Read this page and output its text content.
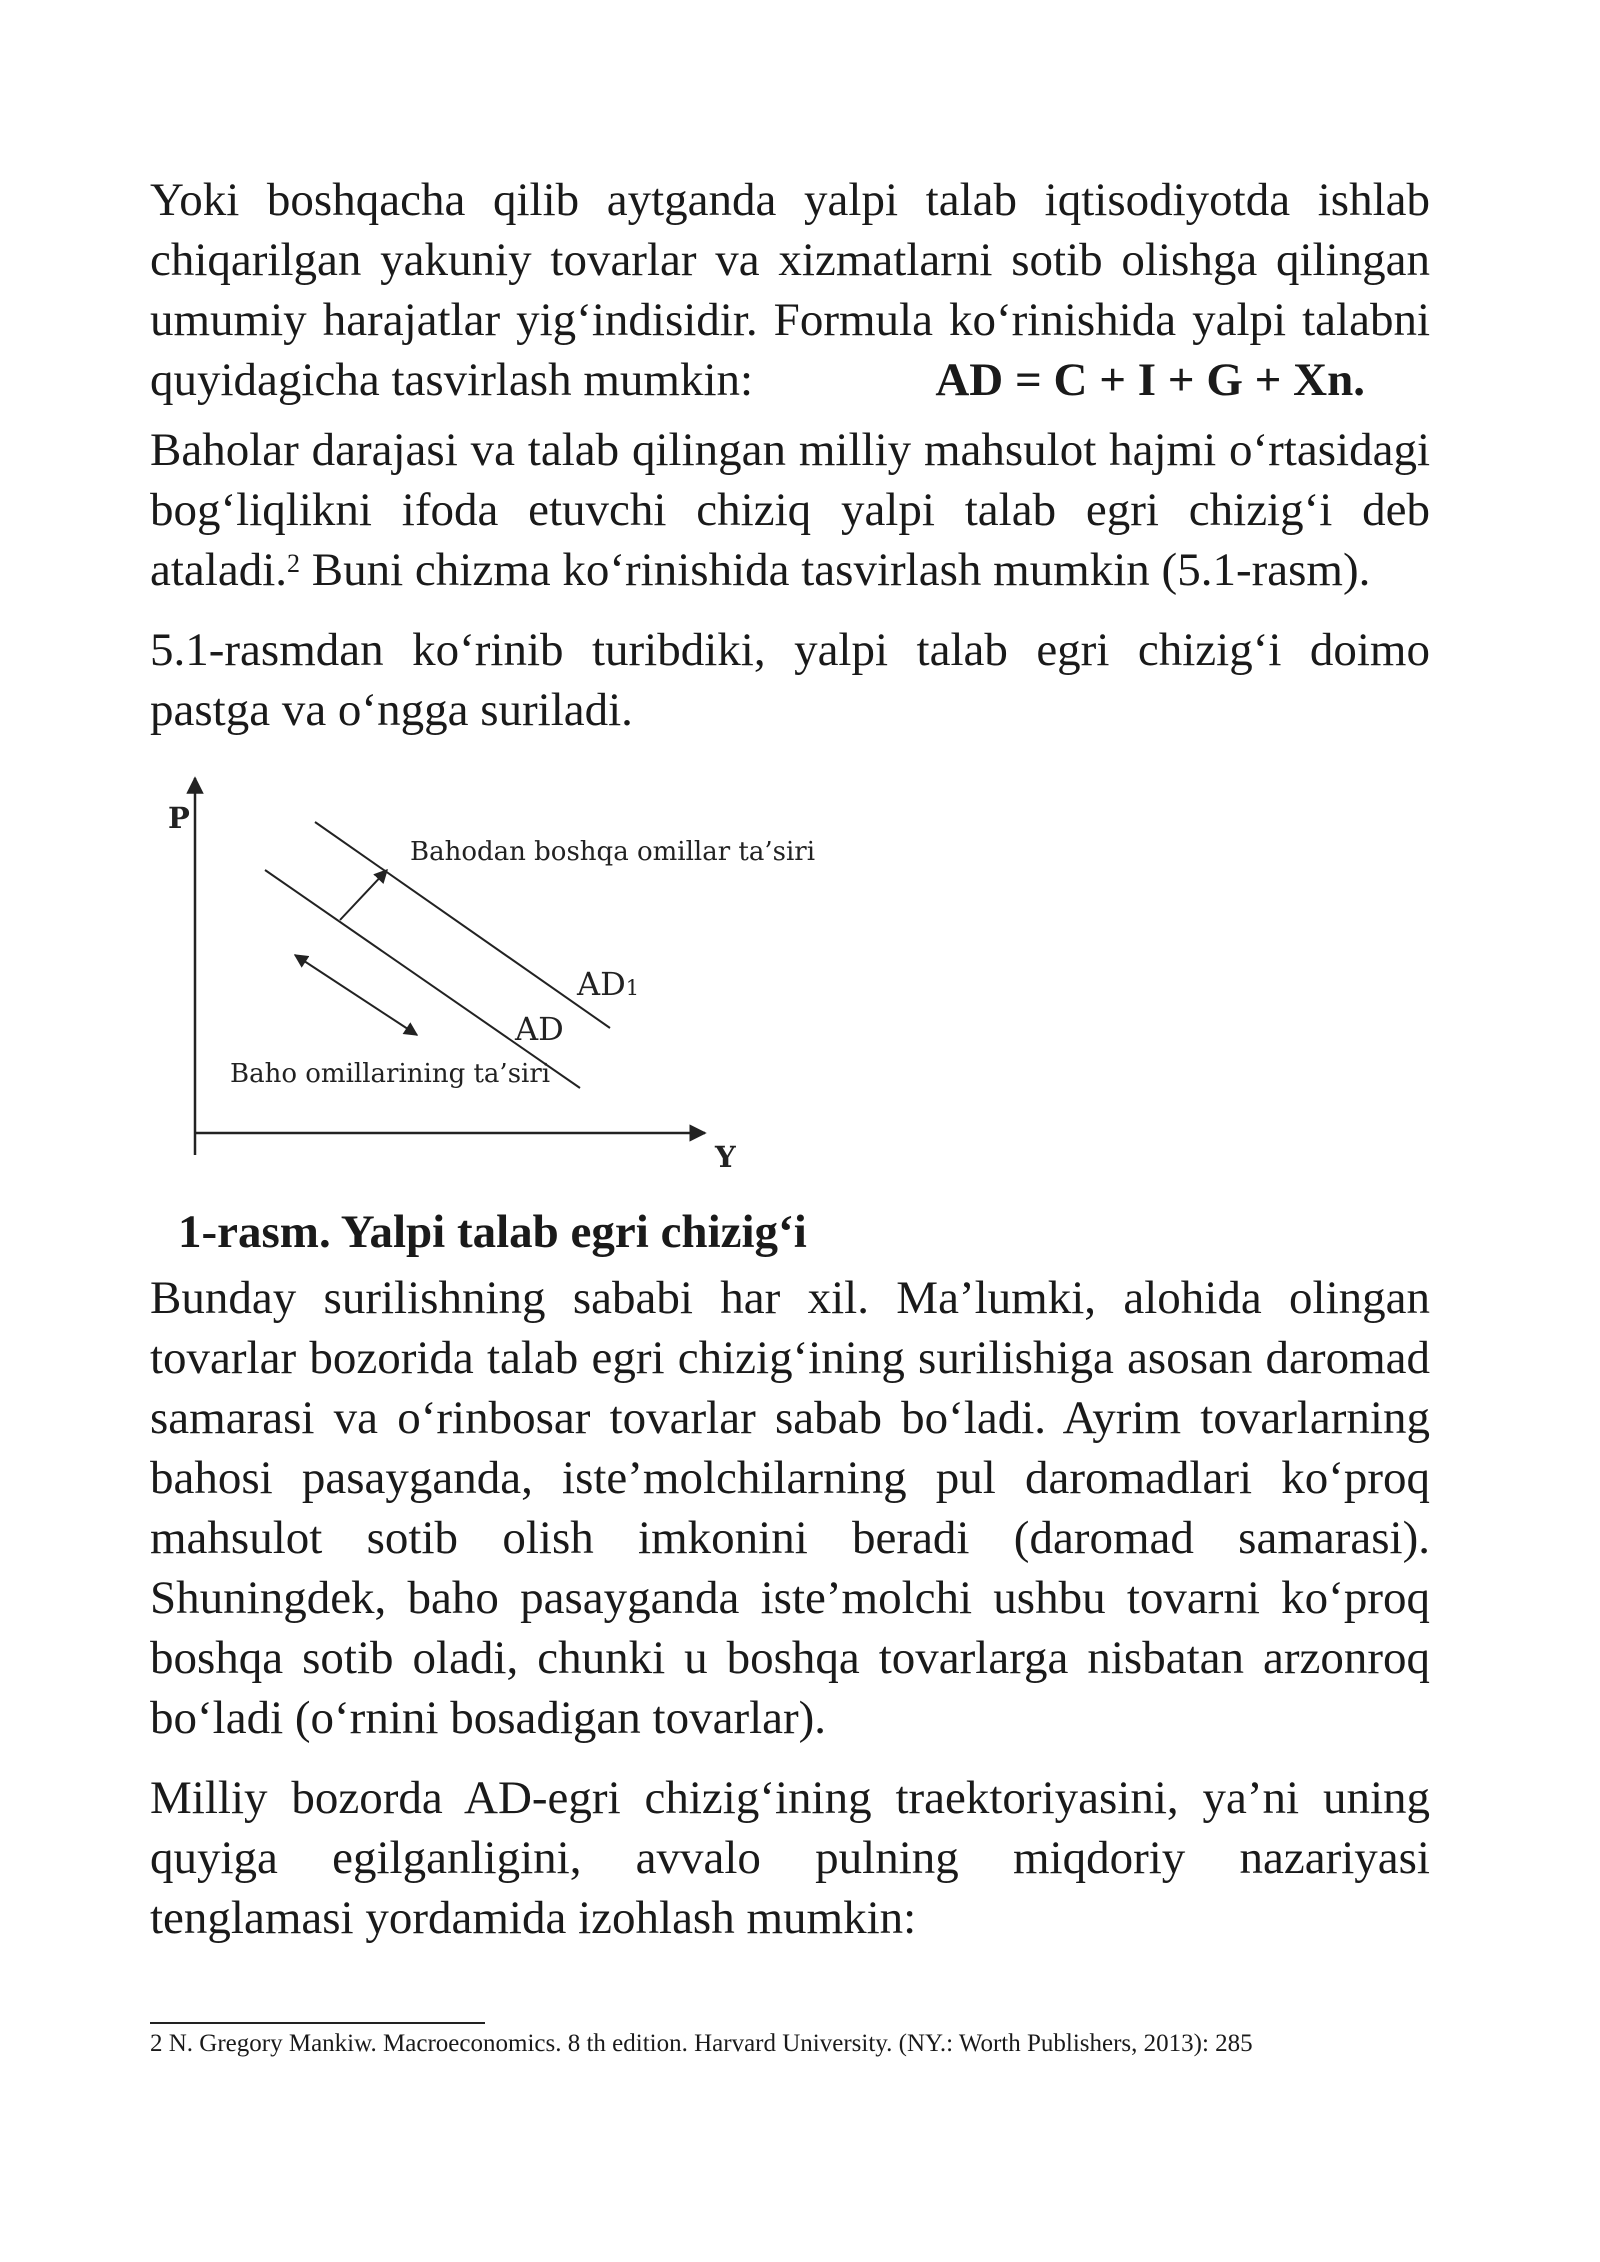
Yoki boshqacha qilib aytganda yalpi talab iqtisodiyotda ishlab
chiqarilgan yakuniy tovarlar va xizmatlarni sotib olishga qilingan
umumiy harajatlar yig‘indisidir. Formula ko‘rinishida yalpi talabni
quyidagicha tasvirlash mumkin:	AD = C + I + G + Xn.

Baholar darajasi va talab qilingan milliy mahsulot hajmi o‘rtasidagi
bog‘liqlikni ifoda etuvchi chiziq yalpi talab egri chizig‘i deb
ataladi.$^2$ Buni chizma ko‘rinishida tasvirlash mumkin (5.1-rasm).

5.1-rasmdan ko‘rinib turibdiki, yalpi talab egri chizig‘i doimo
pastga va o‘ngga suriladi.

P
Y
Bahodan boshqa omillar ta’siri
Baho omillarining ta’siri
AD1
AD

1-rasm. Yalpi talab egri chizig‘i

Bunday surilishning sababi har xil. Ma’lumki, alohida olingan
tovarlar bozorida talab egri chizig‘ining surilishiga asosan daromad
samarasi va o‘rinbosar tovarlar sabab bo‘ladi. Ayrim tovarlarning
bahosi pasayganda, iste’molchilarning pul daromadlari ko‘proq
mahsulot sotib olish imkonini beradi (daromad samarasi).
Shuningdek, baho pasayganda iste’molchi ushbu tovarni ko‘proq
boshqa sotib oladi, chunki u boshqa tovarlarga nisbatan arzonroq
bo‘ladi (o‘rnini bosadigan tovarlar).

Milliy bozorda AD-egri chizig‘ining traektoriyasini, ya’ni uning
quyiga egilganligini, avvalo pulning miqdoriy nazariyasi
tenglamasi yordamida izohlash mumkin:

2 N. Gregory Mankiw. Macroeconomics. 8 th edition. Harvard University. (NY.: Worth Publishers, 2013): 285
